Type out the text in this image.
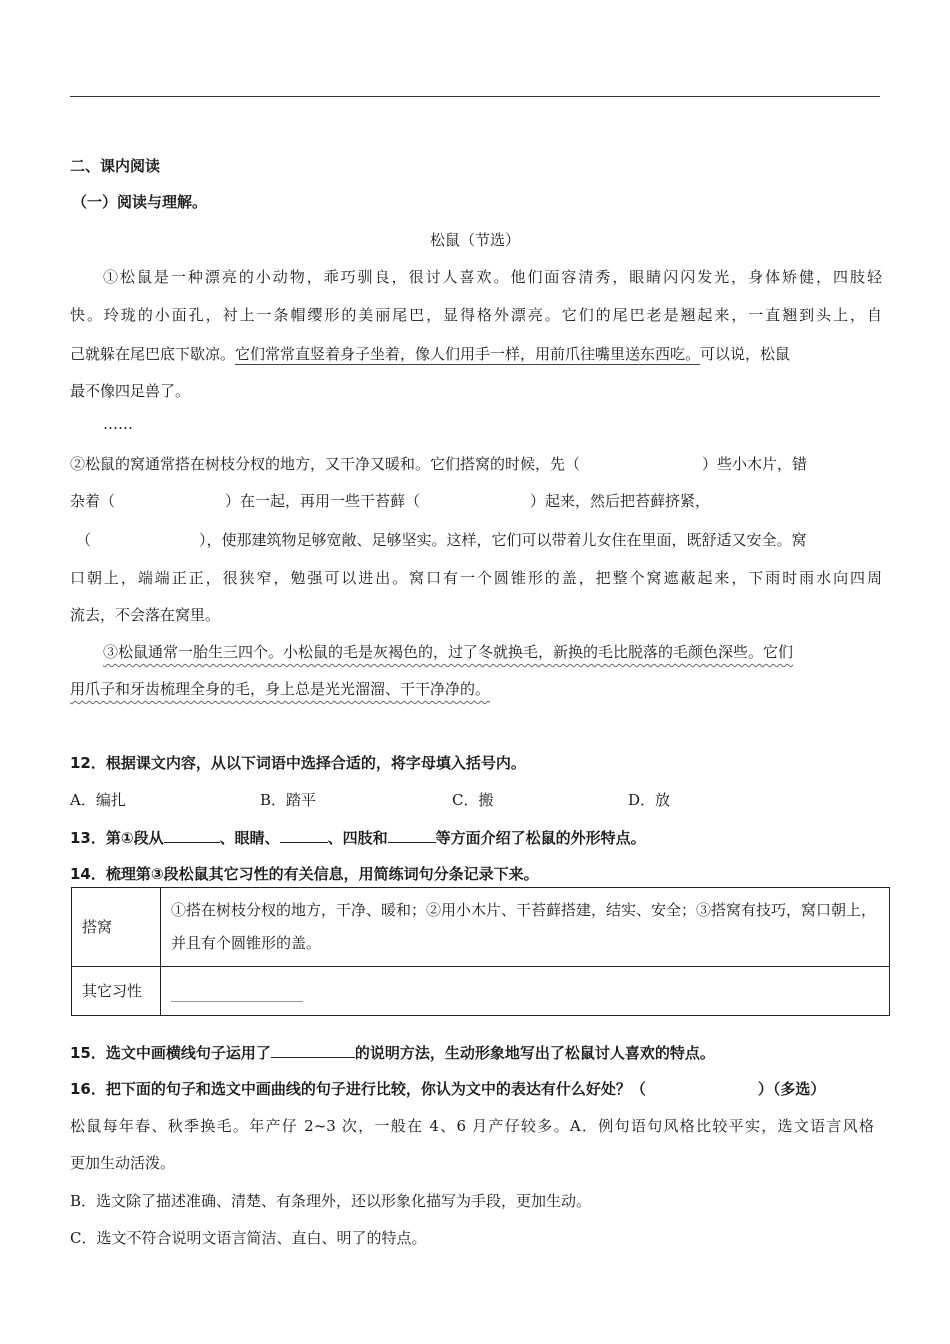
二、课内阅读
（一）阅读与理解。
松鼠（节选）
①松鼠是一种漂亮的小动物，乖巧驯良，很讨人喜欢。他们面容清秀，眼睛闪闪发光，身体矫健，四肢轻
快。玲珑的小面孔，衬上一条帽缨形的美丽尾巴，显得格外漂亮。它们的尾巴老是翘起来，一直翘到头上，自
己就躲在尾巴底下歇凉。它们常常直竖着身子坐着，像人们用手一样，用前爪往嘴里送东西吃。可以说，松鼠
最不像四足兽了。
……
②松鼠的窝通常搭在树枝分杈的地方，又干净又暖和。它们搭窝的时候，先（	）些小木片，错
杂着（	）在一起，再用一些干苔藓（	）起来，然后把苔藓挤紧，
（	），使那建筑物足够宽敞、足够坚实。这样，它们可以带着儿女住在里面，既舒适又安全。窝
口朝上，端端正正，很狭窄，勉强可以进出。窝口有一个圆锥形的盖，把整个窝遮蔽起来，下雨时雨水向四周
流去，不会落在窝里。
③松鼠通常一胎生三四个。小松鼠的毛是灰褐色的，过了冬就换毛，新换的毛比脱落的毛颜色深些。它们
用爪子和牙齿梳理全身的毛，身上总是光光溜溜、干干净净的。
12．根据课文内容，从以下词语中选择合适的，将字母填入括号内。
A．编扎	B．踏平	C．搬	D．放
13．第①段从	、眼睛、	、四肢和	等方面介绍了松鼠的外形特点。
14．梳理第③段松鼠其它习性的有关信息，用简练词句分条记录下来。
搭窝	①搭在树枝分杈的地方，干净、暖和；②用小木片、干苔藓搭建，结实、安全；③搭窝有技巧，窝口朝上，并且有个圆锥形的盖。
其它习性	
15．选文中画横线句子运用了	的说明方法，生动形象地写出了松鼠讨人喜欢的特点。
16．把下面的句子和选文中画曲线的句子进行比较，你认为文中的表达有什么好处？（	）（多选）
松鼠每年春、秋季换毛。年产仔 2~3 次，一般在 4、6 月产仔较多。A．例句语句风格比较平实，选文语言风格
更加生动活泼。
B．选文除了描述准确、清楚、有条理外，还以形象化描写为手段，更加生动。
C．选文不符合说明文语言简洁、直白、明了的特点。
